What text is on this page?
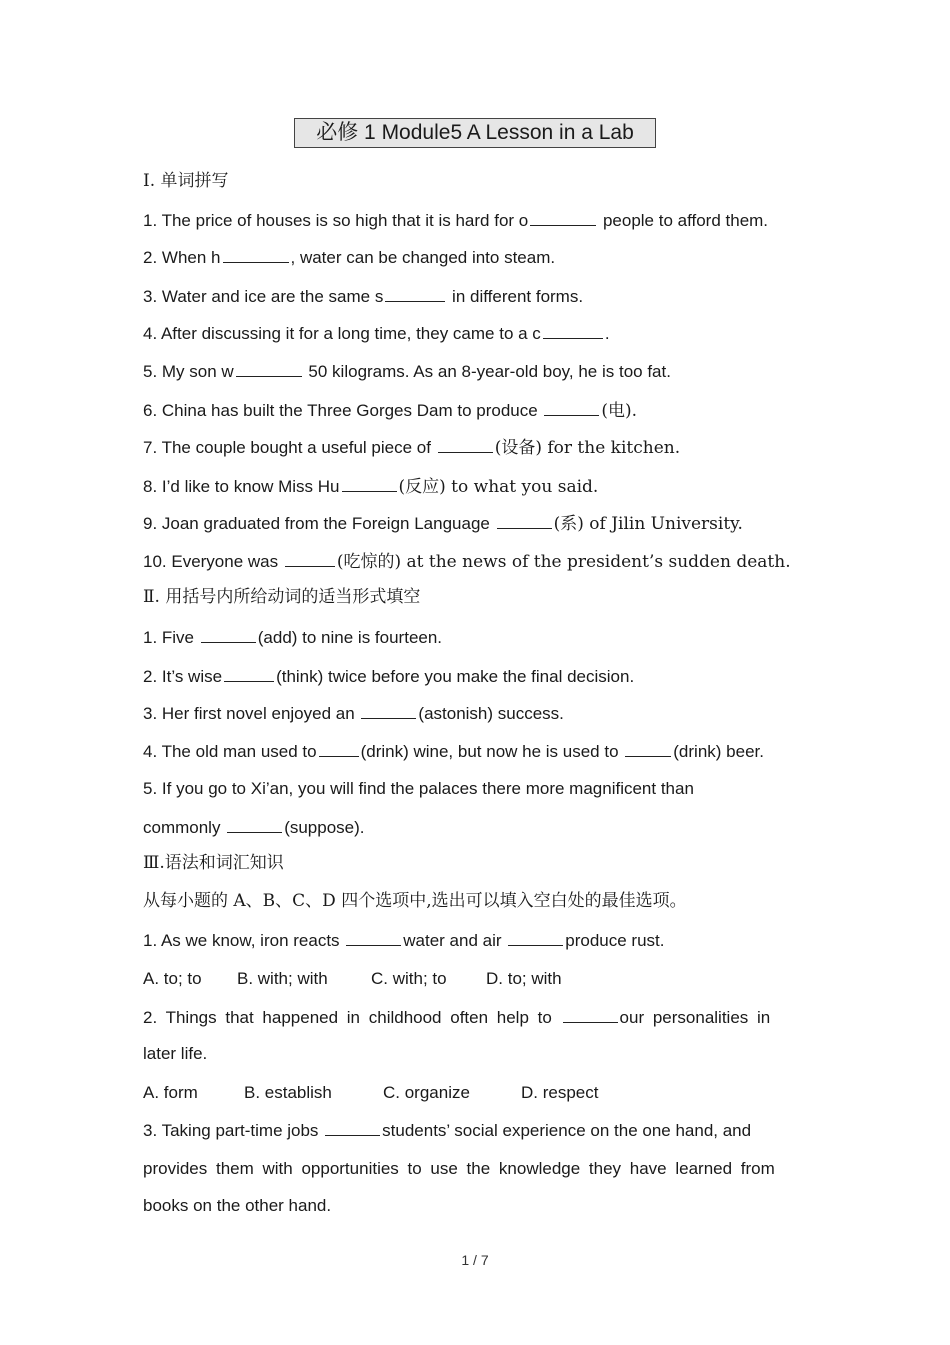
必修 1 Module5 A Lesson in a Lab
Ⅰ. 单词拼写
1. The price of houses is so high that it is hard for o	people to afford them.
2. When h	, water can be changed into steam.
3. Water and ice are the same s	in different forms.
4. After discussing it for a long time, they came to a c	.
5. My son w	50 kilograms. As an 8-year-old boy, he is too fat.
6. China has built the Three Gorges Dam to produce	(电).
7. The couple bought a useful piece of	(设备) for the kitchen.
8. I’d like to know Miss Hu	(反应) to what you said.
9. Joan graduated from the Foreign Language	(系) of Jilin University.
10. Everyone was	(吃惊的) at the news of the president’s sudden death.
Ⅱ. 用括号内所给动词的适当形式填空
1. Five	(add) to nine is fourteen.
2. It’s wise	(think) twice before you make the final decision.
3. Her first novel enjoyed an	(astonish) success.
4. The old man used to	(drink) wine, but now he is used to	(drink) beer.
5. If you go to Xi’an, you will find the palaces there more magnificent than
commonly	(suppose).
Ⅲ.语法和词汇知识
从每小题的 A、B、C、D 四个选项中,选出可以填入空白处的最佳选项。
1. As we know, iron reacts	water and air	produce rust.
A. to; to B. with; with	C. with; to D. to; with
2. Things that happened in childhood often help to	our personalities in
later life.
A. form	B. establish	C. organize	D. respect
3. Taking part-time jobs	students’ social experience on the one hand, and
provides them with opportunities to use the knowledge they have learned from
books on the other hand.
1 / 7
